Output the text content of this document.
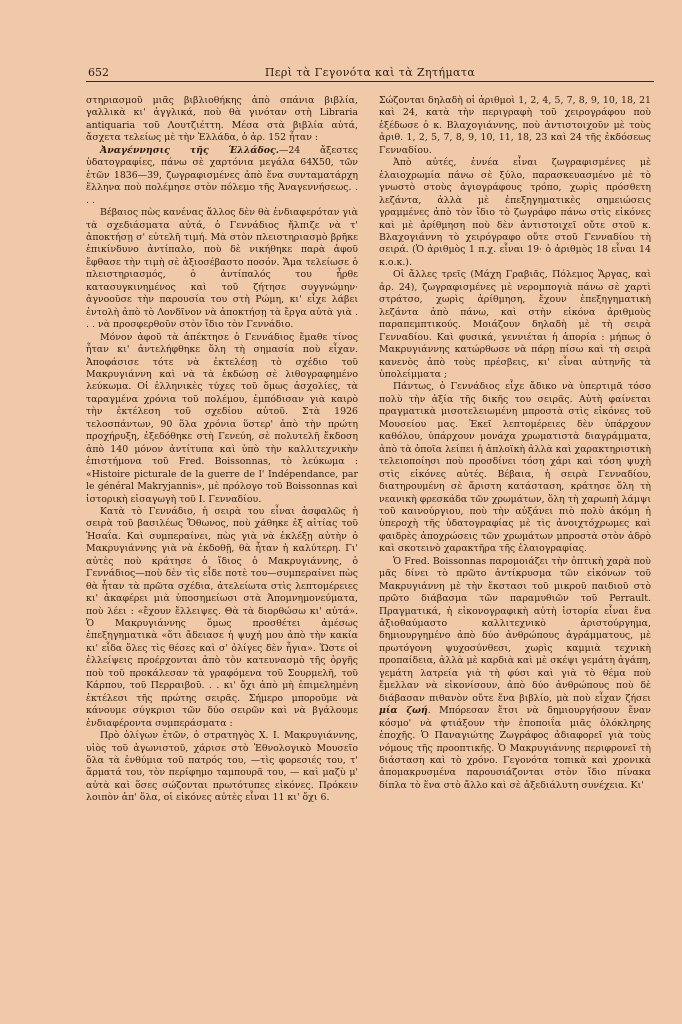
652	Περὶ τὰ Γεγονότα καὶ τὰ Ζητήματα

στηριασμοῦ μιᾶς βιβλιοθήκης ἀπὸ σπάνια βιβλία, γαλλικὰ κι' ἀγγλικά, ποὺ θὰ γινόταν στὴ Libraria antiquaria τοῦ Λουτζιέττη. Μέσα στὰ βιβλία αὐτά, ἄσχετα τελείως μὲ τὴν Ἑλλάδα, ὁ ἀρ. 152 ἦταν :

Ἀναγέννησις τῆς Ἑλλάδος.—24 ἄξεστες ὑδατογραφίες, πάνω σὲ χαρτόνια μεγάλα 64Χ50, τῶν ἐτῶν 1836—39, ζωγραφισμένες ἀπὸ ἕνα συνταματάρχη ἕλληνα ποὺ πολέμησε στὸν πόλεμο τῆς Ἀναγεννήσεως. . . .

Βέβαιος πὼς κανένας ἄλλος δὲν θὰ ἐνδιαφερόταν γιὰ τὰ σχεδιάσματα αὐτά, ὁ Γεννάδιος ἤλπιζε νὰ τ' ἀποκτήσῃ σ' εὐτελῆ τιμή. Μὰ στὸν πλειστηριασμὸ βρῆκε ἐπικίνδυνο ἀντίπαλο, ποὺ δὲ νικήθηκε παρὰ ἀφοῦ ἔφθασε τὴν τιμὴ σὲ ἀξιοσέβαστο ποσόν. Ἅμα τελείωσε ὁ πλειστηριασμός, ὁ ἀντίπαλός του ἦρθε κατασυγκινημένος καὶ τοῦ ζήτησε συγγνώμην· ἀγνοοῦσε τὴν παρουσία του στὴ Ρώμη, κι' εἶχε λάβει ἐντολὴ ἀπὸ τὸ Λονδῖνον νὰ ἀποκτήσῃ τὰ ἔργα αὐτὰ γιὰ . . . νὰ προσφερθοῦν στὸν ἴδιο τὸν Γεννάδιο.

Μόνον ἀφοῦ τὰ ἀπέκτησε ὁ Γεννάδιος ἔμαθε τίνος ἦταν κι' ἀντελήφθηκε ὅλη τὴ σημασία ποὺ εἶχαν. Ἀποφάσισε τότε νὰ ἐκτελέσῃ τὸ σχέδιο τοῦ Μακρυγιάννη καὶ νὰ τὰ ἐκδώσῃ σὲ λιθογραφημένο λεύκωμα. Οἱ ἑλληνικὲς τύχες τοῦ ὅμως ἀσχολίες, τὰ ταραγμένα χρόνια τοῦ πολέμου, ἐμπόδισαν γιὰ καιρὸ τὴν ἐκτέλεση τοῦ σχεδίου αὐτοῦ. Στὰ 1926 τελοσπάντων, 90 ὅλα χρόνια ὕστερ' ἀπὸ τὴν πρώτη προχήρυξη, ἐξεδόθηκε στὴ Γενεύη, σὲ πολυτελῆ ἔκδοση ἀπὸ 140 μόνον ἀντίτυπα καὶ ὑπὸ τὴν καλλιτεχνικὴν ἐπιστήμονα τοῦ Fred. Boissonnas, τὸ λεύκωμα : «Histoire picturale de la guerre de l' Indépendance, par le général Makryjannis», μὲ πρόλογο τοῦ Boissonnas καὶ ἱστορικὴ εἰσαγωγὴ τοῦ Ι. Γενναδίου.

Κατὰ τὸ Γεννάδιο, ἡ σειρὰ του εἶναι ἀσφαλῶς ἡ σειρὰ τοῦ βασιλέως Ὄθωνος, ποὺ χάθηκε ἐξ αἰτίας τοῦ Ἡσαΐα. Καὶ συμπεραίνει, πὼς γιὰ νὰ ἐκλέξῃ αὐτὴν ὁ Μακρυγιάννης γιὰ νὰ ἐκδοθῇ, θὰ ἦταν ἡ καλύτερη. Γι' αὐτὲς ποὺ κράτησε ὁ ἴδιος ὁ Μακρυγιάννης, ὁ Γεννάδιος—ποὺ δὲν τὶς εἶδε ποτὲ του—συμπεραίνει πὼς θὰ ἦταν τὰ πρῶτα σχέδια, ἀτελείωτα στὶς λεπτομέρειες κι' ἀκαφέρει μιὰ ὑποσημείωσι στὰ Ἀπομνημονεύματα, ποὺ λέει : «ἔχουν ἔλλειψες. Θὰ τὰ διορθώσω κι' αὐτά». Ὁ Μακρυγιάννης ὅμως προσθέτει ἀμέσως ἐπεξηγηματικὰ «ὅτι ἄδειασε ἡ ψυχή μου ἀπὸ τὴν κακία κι' εἶδα ὅλες τὶς θέσες καὶ σ' ὀλίγες δὲν ἦγια». Ὥστε οἱ ἐλλείψεις προέρχονται ἀπὸ τὸν κατευνασμὸ τῆς ὀργῆς ποὺ τοῦ προκάλεσαν τὰ γραφόμενα τοῦ Σουρμελῆ, τοῦ Κάρπου, τοῦ Περραιβοῦ. . . κι' ὄχι ἀπὸ μὴ ἐπιμελημένη ἐκτέλεσι τῆς πρώτης σειρᾶς. Σήμερο μποροῦμε νὰ κάνουμε σύγκρισι τῶν δύο σειρῶν καὶ νὰ βγάλουμε ἐνδιαφέροντα συμπεράσματα :

Πρὸ ὀλίγων ἐτῶν, ὁ στρατηγὸς Χ. Ι. Μακρυγιάννης, υἱὸς τοῦ ἀγωνιστοῦ, χάρισε στὸ Ἐθνολογικὸ Μουσεῖο ὅλα τὰ ἐνθύμια τοῦ πατρός του, —τὶς φορεσιές του, τ' ἅρματά του, τὸν περίφημο ταμπουρᾶ του, — καὶ μαζὺ μ' αὐτὰ καὶ ὅσες σώζονται πρωτότυπες εἰκόνες. Πρόκειν λοιπὸν ἀπ' ὅλα, οἱ εἰκόνες αὐτὲς εἶναι 11 κι' ὄχι 6.

Σώζονται δηλαδὴ οἱ ἀριθμοὶ 1, 2, 4, 5, 7, 8, 9, 10, 18, 21 καὶ 24, κατὰ τὴν περιγραφὴ τοῦ χειρογράφου ποὺ ἐξέδωσε ὁ κ. Βλαχογιάννης, ποὺ ἀντιστοιχοῦν μὲ τοὺς ἀριθ. 1, 2, 5, 7, 8, 9, 10, 11, 18, 23 καὶ 24 τῆς ἐκδόσεως Γενναδίου.

Ἀπὸ αὐτές, ἐννέα εἶναι ζωγραφισμένες μὲ ἐλαιοχρωμία πάνω σὲ ξύλο, παρασκευασμένο μὲ τὸ γνωστὸ στοὺς ἁγιογράφους τρόπο, χωρὶς πρόσθετη λεζάντα, ἀλλὰ μὲ ἐπεξηγηματικὲς σημειώσεις γραμμένες ἀπὸ τὸν ἴδιο τὸ ζωγράφο πάνω στὶς εἰκόνες καὶ μὲ ἀρίθμηση ποὺ δὲν ἀντιστοιχεῖ οὔτε στοῦ κ. Βλαχογιάννη τὸ χειρόγραφο οὔτε στοῦ Γενναδίου τὴ σειρά. (Ὁ ἀριθμὸς 1 π.χ. εἶναι 19· ὁ ἀριθμὸς 18 εἶναι 14 κ.ο.κ.).

Οἱ ἄλλες τρεῖς (Μάχη Γραβιᾶς, Πόλεμος Ἄργας, καὶ ἀρ. 24), ζωγραφισμένες μὲ νερομπογιὰ πάνω σὲ χαρτὶ στράτσο, χωρὶς ἀρίθμηση, ἔχουν ἐπεξηγηματικὴ λεζάντα ἀπὸ πάνω, καὶ στὴν εἰκόνα ἀριθμοὺς παραπεμπτικούς. Μοιάζουν δηλαδὴ μὲ τὴ σειρὰ Γενναδίου. Καὶ φυσικά, γεννιέται ἡ ἀπορία : μήπως ὁ Μακρυγιάννης κατώρθωσε νὰ πάρῃ πίσω καὶ τὴ σειρὰ κανενὸς ἀπὸ τοὺς πρέσβεις, κι' εἶναι αὐτηνῆς τὰ ὑπολείμματα ;

Πάντως, ὁ Γεννάδιος εἶχε ἄδικο νὰ ὑπερτιμᾶ τόσο πολὺ τὴν ἀξία τῆς δικῆς του σειρᾶς. Αὐτὴ φαίνεται πραγματικὰ μισοτελειωμένη μπροστὰ στὶς εἰκόνες τοῦ Μουσείου μας. Ἐκεῖ λεπτομέρειες δὲν ὑπάρχουν καθόλου, ὑπάρχουν μονάχα χρωματιστὰ διαγράμματα, ἀπὸ τὰ ὁποῖα λείπει ἡ ἁπλοϊκὴ ἀλλὰ καὶ χαρακτηριστικὴ τελειοποίησι ποὺ προσδίνει τόση χάρι καὶ τόση ψυχὴ στὶς εἰκόνες αὐτές. Βέβαια, ἡ σειρὰ Γενναδίου, διατηρουμένη σὲ ἄριστη κατάσταση, κράτησε ὅλη τὴ νεανικὴ φρεσκάδα τῶν χρωμάτων, ὅλη τὴ χαρωπὴ λάμψι τοῦ καινούργιου, ποὺ τὴν αὐξάνει πιὸ πολὺ ἀκόμη ἡ ὑπεροχὴ τῆς ὑδατογραφίας μὲ τὶς ἀνοιχτόχρωμες καὶ φαιδρὲς ἀποχρώσεις τῶν χρωμάτων μπροστὰ στὸν ἀδρὸ καὶ σκοτεινὸ χαρακτῆρα τῆς ἐλαιογραφίας.

Ὁ Fred. Boissonnas παρομοιάζει τὴν ὀπτικὴ χαρὰ ποὺ μᾶς δίνει τὸ πρῶτο ἀντίκρυσμα τῶν εἰκόνων τοῦ Μακρυγιάννη μὲ τὴν ἔκστασι τοῦ μικροῦ παιδιοῦ στὸ πρῶτο διάβασμα τῶν παραμυθιῶν τοῦ Perrault. Πραγματικά, ἡ εἰκονογραφικὴ αὐτὴ ἱστορία εἶναι ἕνα ἀξιοθαύμαστο καλλιτεχνικὸ ἀριστούργημα, δημιουργημένο ἀπὸ δύο ἀνθρώπους ἀγράμματους, μὲ πρωτόγονη ψυχοσύνθεσι, χωρὶς καμμιὰ τεχνικὴ προπαίδεια, ἀλλὰ μὲ καρδιὰ καὶ μὲ σκέψι γεμάτη ἀγάπη, γεμάτη λατρεία γιὰ τὴ φύσι καὶ γιὰ τὸ θέμα ποὺ ἔμελλαν νὰ εἰκονίσουν, ἀπὸ δύο ἀνθρώπους ποὺ δὲ διάβασαν πιθανὸν οὔτε ἕνα βιβλίο, μὰ ποὺ εἶχαν ζήσει μία ζωή. Μπόρεσαν ἔτσι νὰ δημιουργήσουν ἕναν κόσμο' νὰ φτιάξουν τὴν ἐποποιΐα μιᾶς ὁλόκληρης ἐποχῆς. Ὁ Παναγιώτης Ζωγράφος ἀδιαφορεῖ γιὰ τοὺς νόμους τῆς προοπτικῆς. Ὁ Μακρυγιάννης περιφρονεῖ τὴ διάσταση καὶ τὸ χρόνο. Γεγονότα τοπικὰ καὶ χρονικὰ ἀπομακρυσμένα παρουσιάζονται στὸν ἴδιο πίνακα δίπλα τὸ ἕνα στὸ ἄλλο καὶ σὲ ἀξεδιάλυτη συνέχεια. Κι'
